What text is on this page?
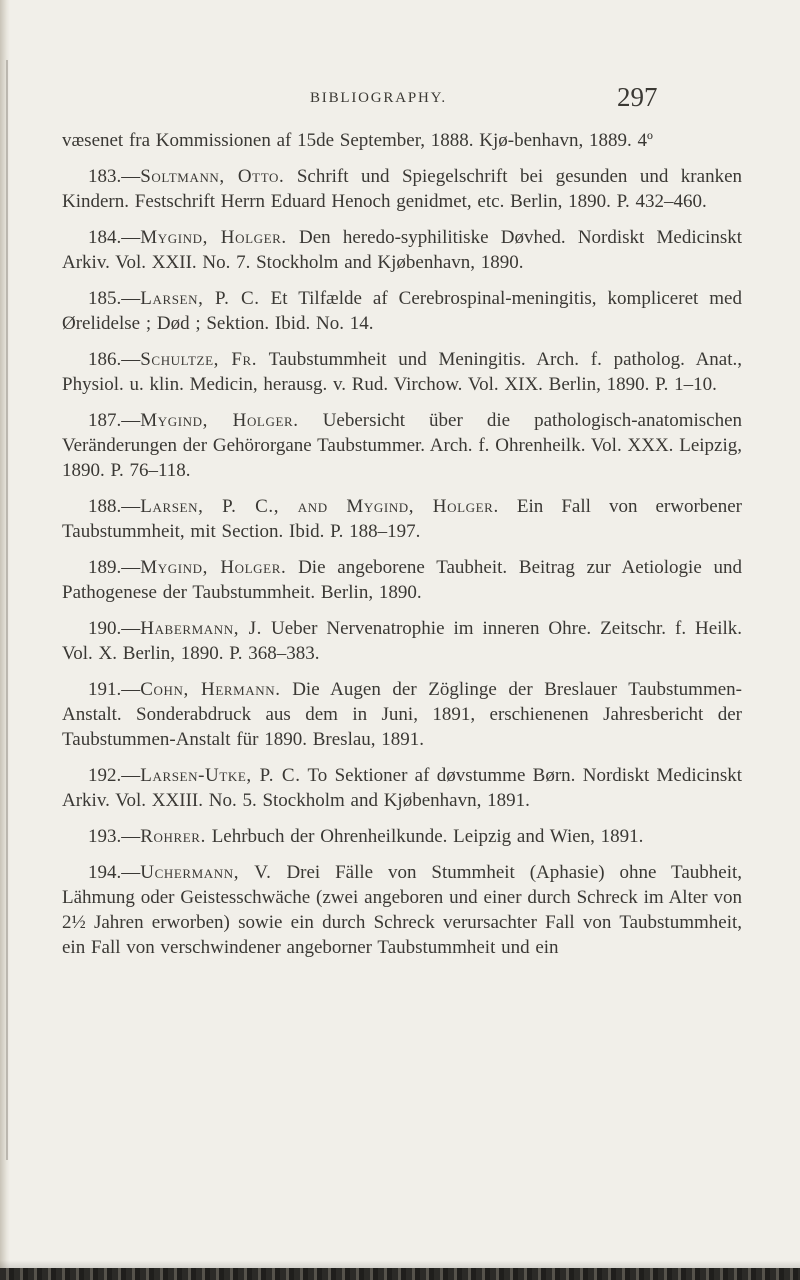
BIBLIOGRAPHY.	297

væsenet fra Kommissionen af 15de September, 1888. Kjø-benhavn, 1889. 4º

183.—Soltmann, Otto. Schrift und Spiegelschrift bei gesunden und kranken Kindern. Festschrift Herrn Eduard Henoch genidmet, etc. Berlin, 1890. P. 432–460.

184.—Mygind, Holger. Den heredo-syphilitiske Døvhed. Nordiskt Medicinskt Arkiv. Vol. XXII. No. 7. Stockholm and Kjøbenhavn, 1890.

185.—Larsen, P. C. Et Tilfælde af Cerebrospinal-meningitis, kompliceret med Ørelidelse ; Død ; Sektion. Ibid. No. 14.

186.—Schultze, Fr. Taubstummheit und Meningitis. Arch. f. patholog. Anat., Physiol. u. klin. Medicin, herausg. v. Rud. Virchow. Vol. XIX. Berlin, 1890. P. 1–10.

187.—Mygind, Holger. Uebersicht über die pathologisch-anatomischen Veränderungen der Gehörorgane Taubstummer. Arch. f. Ohrenheilk. Vol. XXX. Leipzig, 1890. P. 76–118.

188.—Larsen, P. C., and Mygind, Holger. Ein Fall von erworbener Taubstummheit, mit Section. Ibid. P. 188–197.

189.—Mygind, Holger. Die angeborene Taubheit. Beitrag zur Aetiologie und Pathogenese der Taubstummheit. Berlin, 1890.

190.—Habermann, J. Ueber Nervenatrophie im inneren Ohre. Zeitschr. f. Heilk. Vol. X. Berlin, 1890. P. 368–383.

191.—Cohn, Hermann. Die Augen der Zöglinge der Breslauer Taubstummen-Anstalt. Sonderabdruck aus dem in Juni, 1891, erschienenen Jahresbericht der Taubstummen-Anstalt für 1890. Breslau, 1891.

192.—Larsen-Utke, P. C. To Sektioner af døvstumme Børn. Nordiskt Medicinskt Arkiv. Vol. XXIII. No. 5. Stockholm and Kjøbenhavn, 1891.

193.—Rohrer. Lehrbuch der Ohrenheilkunde. Leipzig and Wien, 1891.

194.—Uchermann, V. Drei Fälle von Stummheit (Aphasie) ohne Taubheit, Lähmung oder Geistesschwäche (zwei angeboren und einer durch Schreck im Alter von 2½ Jahren erworben) sowie ein durch Schreck verursachter Fall von Taubstummheit, ein Fall von verschwindener angeborner Taubstummheit und ein
